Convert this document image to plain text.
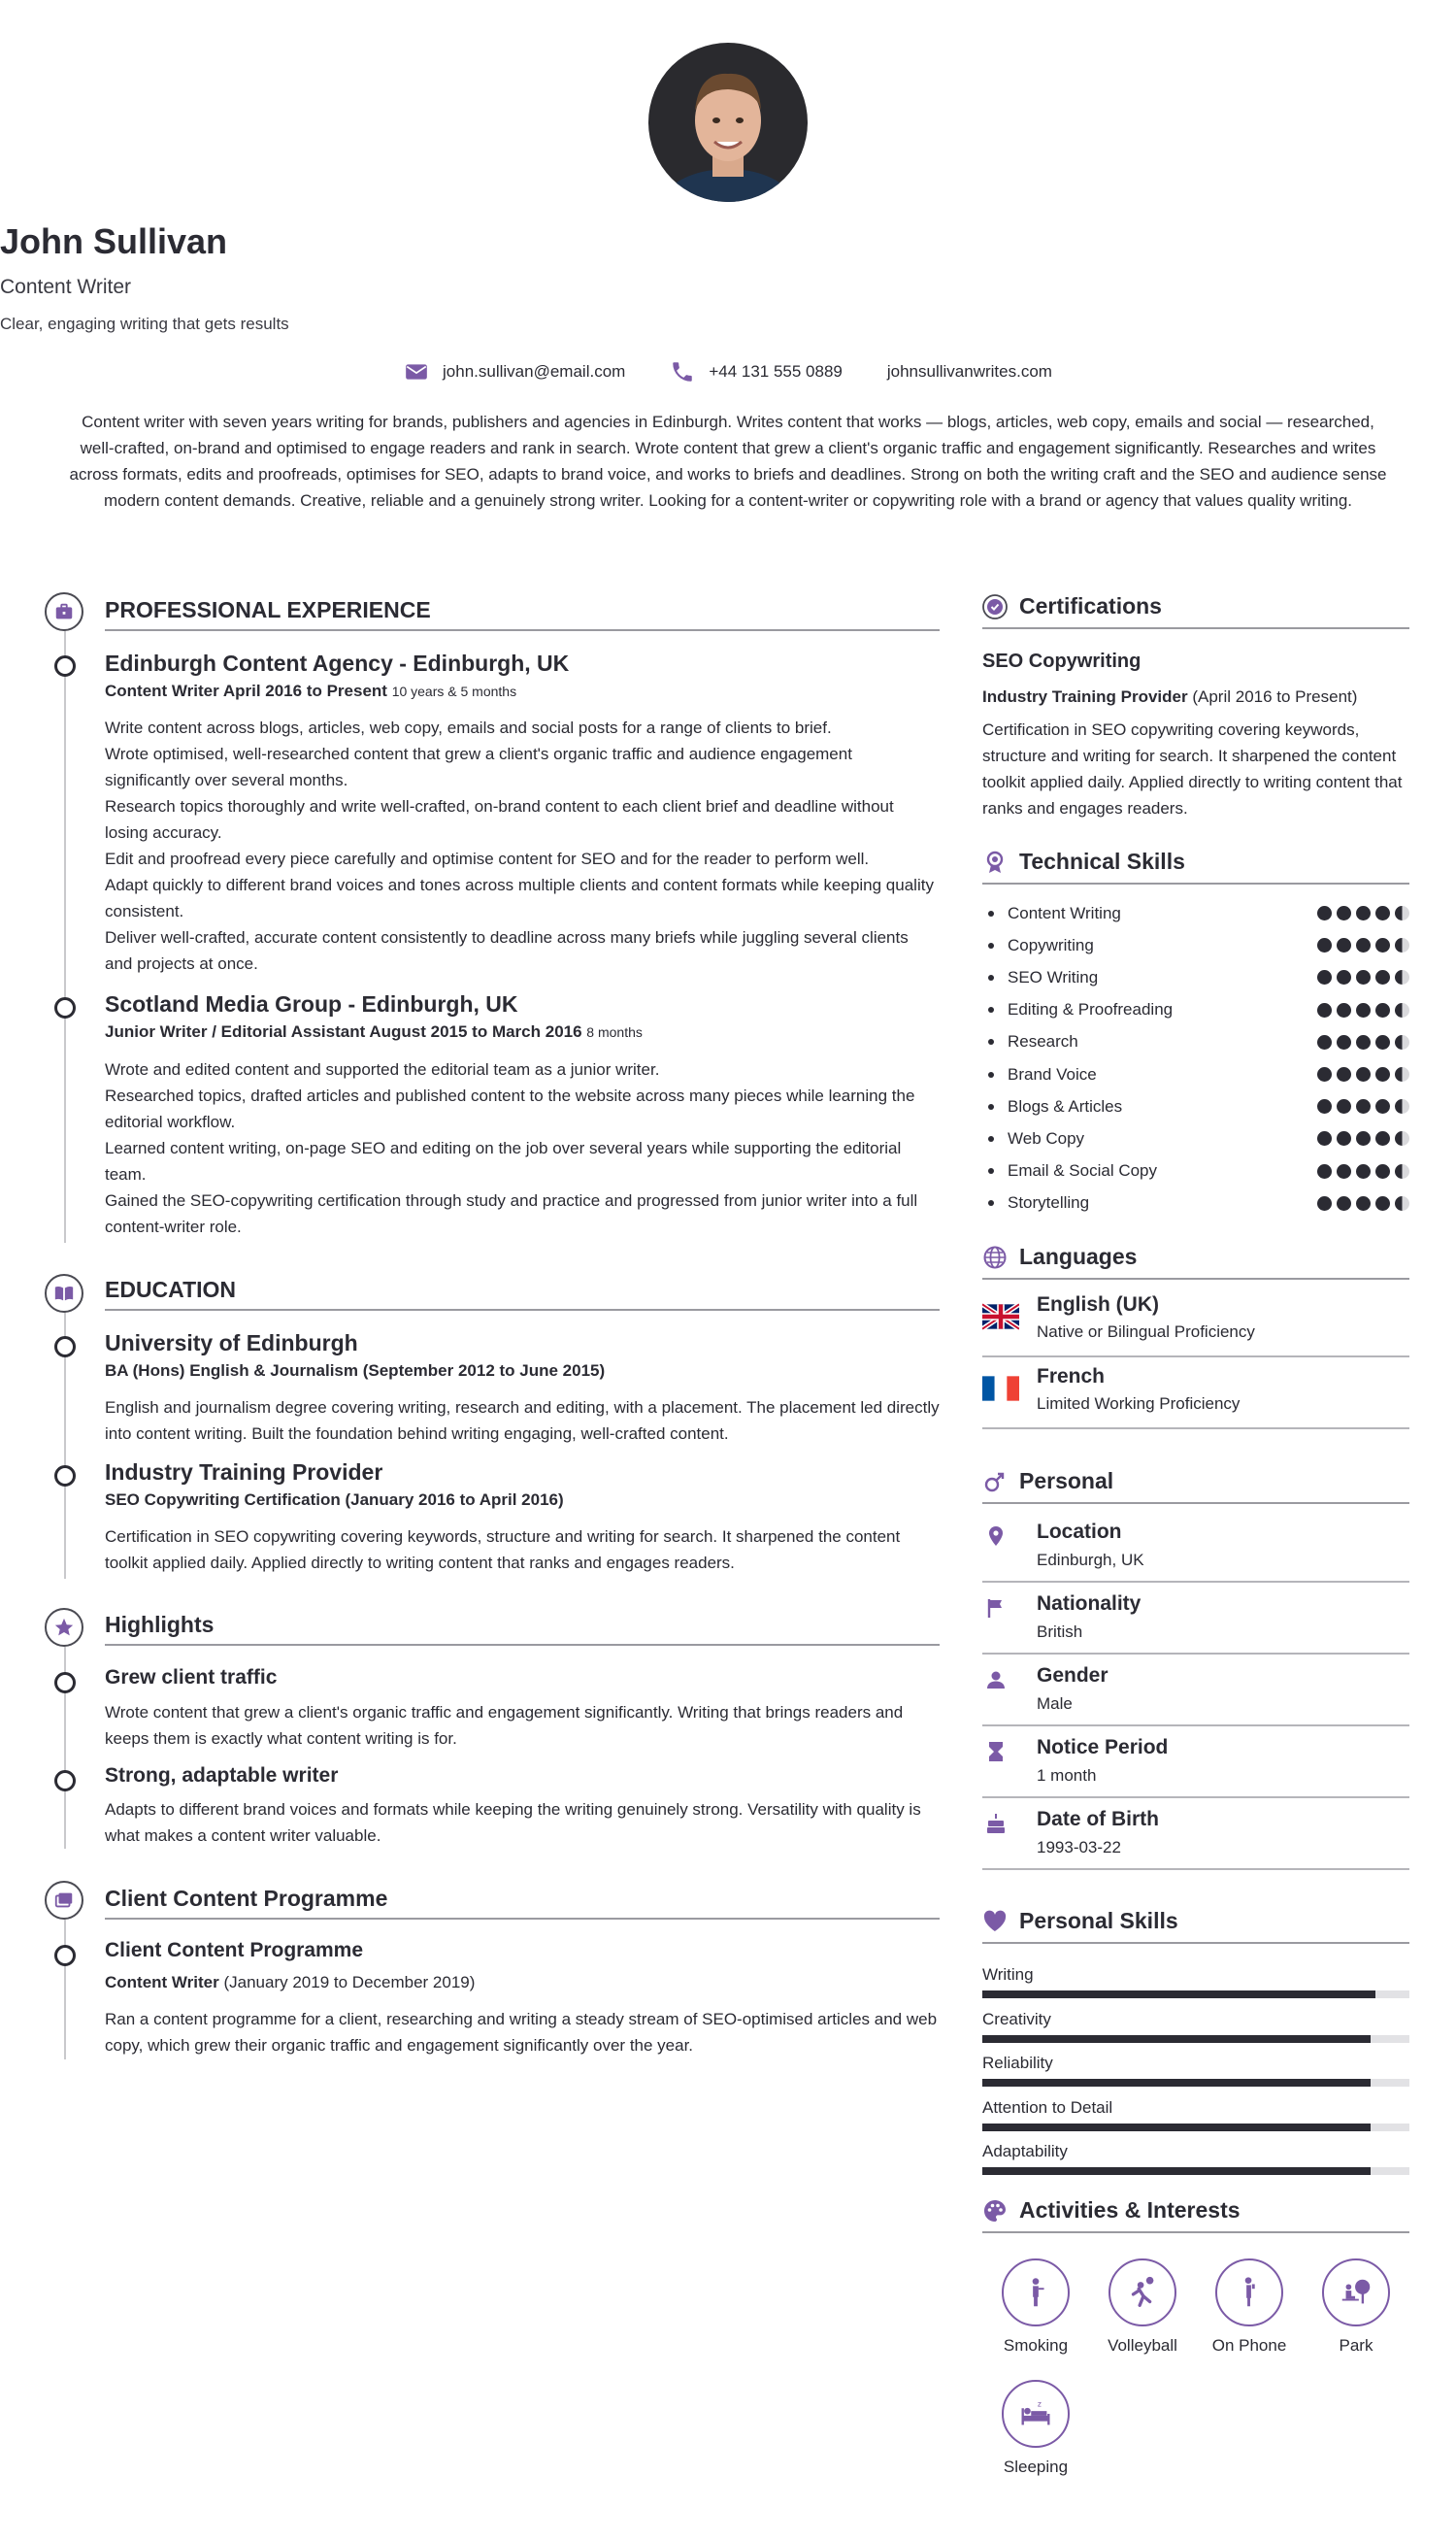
John Sullivan
Content Writer
Clear, engaging writing that gets results
john.sullivan@email.com	+44 131 555 0889	johnsullivanwrites.com
Content writer with seven years writing for brands, publishers and agencies in Edinburgh. Writes content that works — blogs, articles, web copy, emails and social — researched, well-crafted, on-brand and optimised to engage readers and rank in search. Wrote content that grew a client's organic traffic and engagement significantly. Researches and writes across formats, edits and proofreads, optimises for SEO, adapts to brand voice, and works to briefs and deadlines. Strong on both the writing craft and the SEO and audience sense modern content demands. Creative, reliable and a genuinely strong writer. Looking for a content-writer or copywriting role with a brand or agency that values quality writing.
PROFESSIONAL EXPERIENCE
Edinburgh Content Agency - Edinburgh, UK
Content Writer April 2016 to Present 10 years & 5 months
Write content across blogs, articles, web copy, emails and social posts for a range of clients to brief.
Wrote optimised, well-researched content that grew a client's organic traffic and audience engagement significantly over several months.
Research topics thoroughly and write well-crafted, on-brand content to each client brief and deadline without losing accuracy.
Edit and proofread every piece carefully and optimise content for SEO and for the reader to perform well.
Adapt quickly to different brand voices and tones across multiple clients and content formats while keeping quality consistent.
Deliver well-crafted, accurate content consistently to deadline across many briefs while juggling several clients and projects at once.
Scotland Media Group - Edinburgh, UK
Junior Writer / Editorial Assistant August 2015 to March 2016 8 months
Wrote and edited content and supported the editorial team as a junior writer.
Researched topics, drafted articles and published content to the website across many pieces while learning the editorial workflow.
Learned content writing, on-page SEO and editing on the job over several years while supporting the editorial team.
Gained the SEO-copywriting certification through study and practice and progressed from junior writer into a full content-writer role.
EDUCATION
University of Edinburgh
BA (Hons) English & Journalism (September 2012 to June 2015)
English and journalism degree covering writing, research and editing, with a placement. The placement led directly into content writing. Built the foundation behind writing engaging, well-crafted content.
Industry Training Provider
SEO Copywriting Certification (January 2016 to April 2016)
Certification in SEO copywriting covering keywords, structure and writing for search. It sharpened the content toolkit applied daily. Applied directly to writing content that ranks and engages readers.
Highlights
Grew client traffic
Wrote content that grew a client's organic traffic and engagement significantly. Writing that brings readers and keeps them is exactly what content writing is for.
Strong, adaptable writer
Adapts to different brand voices and formats while keeping the writing genuinely strong. Versatility with quality is what makes a content writer valuable.
Client Content Programme
Client Content Programme
Content Writer (January 2019 to December 2019)
Ran a content programme for a client, researching and writing a steady stream of SEO-optimised articles and web copy, which grew their organic traffic and engagement significantly over the year.
Certifications
SEO Copywriting
Industry Training Provider (April 2016 to Present)
Certification in SEO copywriting covering keywords, structure and writing for search. It sharpened the content toolkit applied daily. Applied directly to writing content that ranks and engages readers.
Technical Skills
Content Writing
Copywriting
SEO Writing
Editing & Proofreading
Research
Brand Voice
Blogs & Articles
Web Copy
Email & Social Copy
Storytelling
Languages
English (UK)
Native or Bilingual Proficiency
French
Limited Working Proficiency
Personal
Location
Edinburgh, UK
Nationality
British
Gender
Male
Notice Period
1 month
Date of Birth
1993-03-22
Personal Skills
Writing
Creativity
Reliability
Attention to Detail
Adaptability
Activities & Interests
Smoking	Volleyball	On Phone	Park
z
Sleeping
